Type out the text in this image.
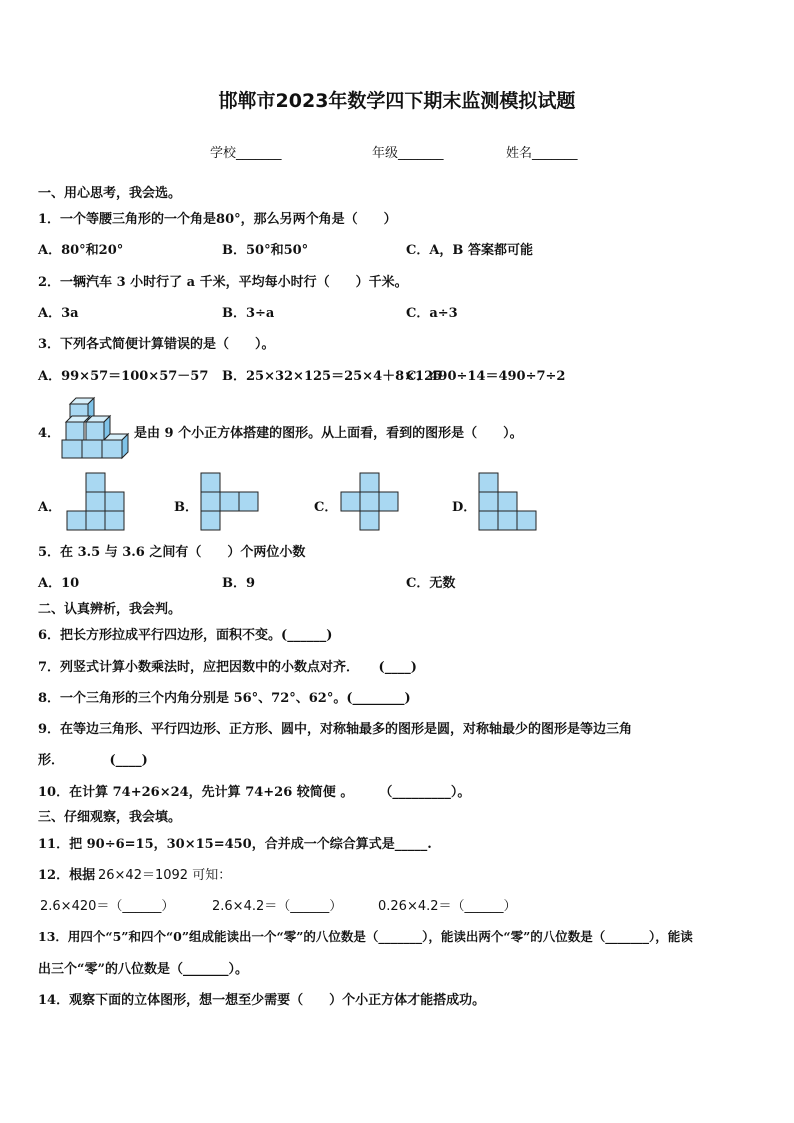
邯郸市2023年数学四下期末监测模拟试题
学校_______	年级_______	姓名_______
一、用心思考，我会选。
1．一个等腰三角形的一个角是80°，那么另两个角是（　　）
A．80°和20°	B．50°和50°	C．A，B 答案都可能
2．一辆汽车 3 小时行了 a 千米，平均每小时行（　　）千米。
A．3a	B．3÷a	C．a÷3
3．下列各式简便计算错误的是（　　）。
A．99×57＝100×57－57 B．25×32×125＝25×4＋8×125
C．490÷14＝490÷7÷2
4．	是由 9 个小正方体搭建的图形。从上面看，看到的图形是（　　）。
A．	B．	C．	D．
5．在 3.5 与 3.6 之间有（　　）个两位小数
A．10	B．9	C．无数
二、认真辨析，我会判。
6．把长方形拉成平行四边形，面积不变。(______)
7．列竖式计算小数乘法时，应把因数中的小数点对齐．　　(____)
8．一个三角形的三个内角分别是 56°、72°、62°。(________)
9．在等边三角形、平行四边形、正方形、圆中，对称轴最多的图形是圆，对称轴最少的图形是等边三角
形．　　　　(____)
10．在计算 74+26×24，先计算 74+26 较简便 。　　　（_________）。
三、仔细观察，我会填。
11．把 90÷6=15，30×15=450，合并成一个综合算式是_____.
12．根据 26×42＝1092 可知：
2.6×420＝（______）	2.6×4.2＝（______）	0.26×4.2＝（______）
13．用四个“5”和四个“0”组成能读出一个“零”的八位数是（_______），能读出两个“零”的八位数是（_______），能读
出三个“零”的八位数是（_______）。
14．观察下面的立体图形，想一想至少需要（　　）个小正方体才能搭成功。
